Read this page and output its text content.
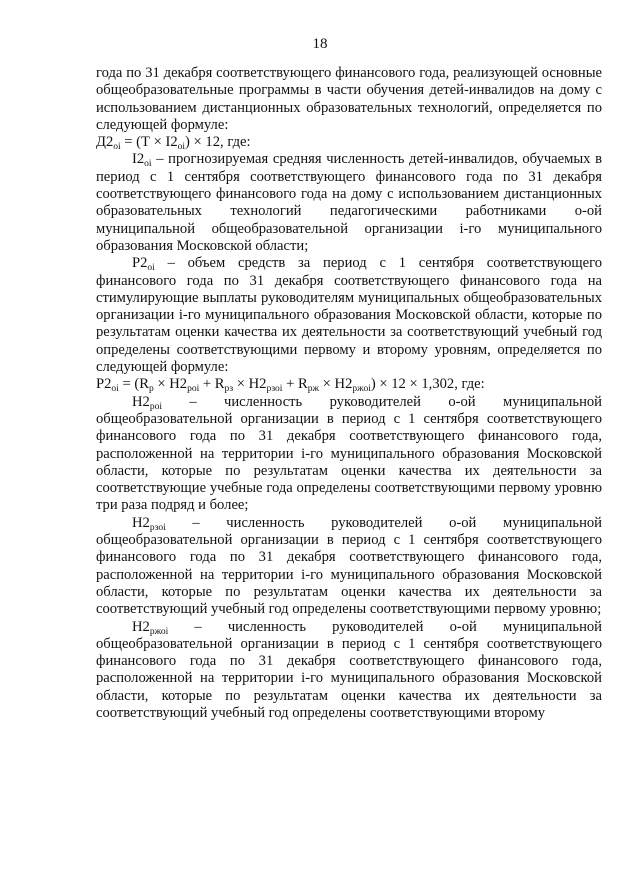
18

года по 31 декабря соответствующего финансового года, реализующей основные общеобразовательные программы в части обучения детей-инвалидов на дому с использованием дистанционных образовательных технологий, определяется по следующей формуле:

$Д2_{oi} = (Т \times I2_{oi}) \times 12$, где:

$I2_{oi}$ – прогнозируемая средняя численность детей-инвалидов, обучаемых в период с 1 сентября соответствующего финансового года по 31 декабря соответствующего финансового года на дому с использованием дистанционных образовательных технологий педагогическими работниками о-ой муниципальной общеобразовательной организации i-го муниципального образования Московской области;

$Р2_{oi}$ – объем средств за период с 1 сентября соответствующего финансового года по 31 декабря соответствующего финансового года на стимулирующие выплаты руководителям муниципальных общеобразовательных организации i-го муниципального образования Московской области, которые по результатам оценки качества их деятельности за соответствующий учебный год определены соответствующими первому и второму уровням, определяется по следующей формуле:

$Р2_{oi} = (R_р \times Н2_{роi} + R_{рз} \times Н2_{рзоi} + R_{рж} \times Н2_{ржоi}) \times 12 \times 1,302$, где:

$Н2_{роi}$ – численность руководителей о-ой муниципальной общеобразовательной организации в период с 1 сентября соответствующего финансового года по 31 декабря соответствующего финансового года, расположенной на территории i-го муниципального образования Московской области, которые по результатам оценки качества их деятельности за соответствующие учебные года определены соответствующими первому уровню три раза подряд и более;

$Н2_{рзоi}$ – численность руководителей о-ой муниципальной общеобразовательной организации в период с 1 сентября соответствующего финансового года по 31 декабря соответствующего финансового года, расположенной на территории i-го муниципального образования Московской области, которые по результатам оценки качества их деятельности за соответствующий учебный год определены соответствующими первому уровню;

$Н2_{ржоi}$ – численность руководителей о-ой муниципальной общеобразовательной организации в период с 1 сентября соответствующего финансового года по 31 декабря соответствующего финансового года, расположенной на территории i-го муниципального образования Московской области, которые по результатам оценки качества их деятельности за соответствующий учебный год определены соответствующими второму
